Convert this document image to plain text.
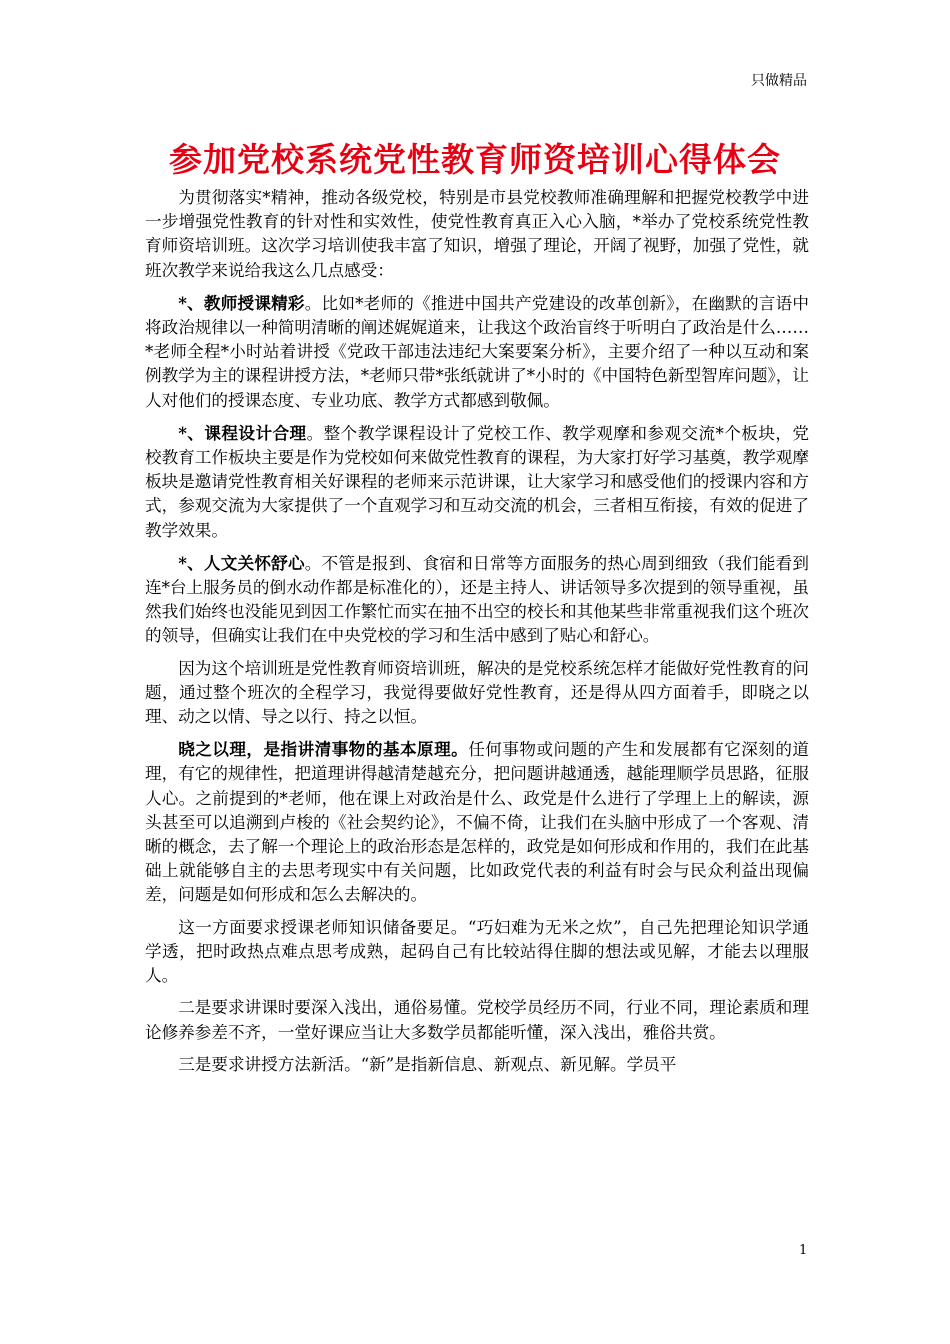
只做精品
参加党校系统党性教育师资培训心得体会

为贯彻落实*精神，推动各级党校，特别是市县党校教师准确理解和把握党校教学中进一步增强党性教育的针对性和实效性，使党性教育真正入心入脑，*举办了党校系统党性教育师资培训班。这次学习培训使我丰富了知识，增强了理论，开阔了视野，加强了党性，就班次教学来说给我这么几点感受：

*、教师授课精彩。比如*老师的《推进中国共产党建设的改革创新》，在幽默的言语中将政治规律以一种简明清晰的阐述娓娓道来，让我这个政治盲终于听明白了政治是什么……*老师全程*小时站着讲授《党政干部违法违纪大案要案分析》，主要介绍了一种以互动和案例教学为主的课程讲授方法，*老师只带*张纸就讲了*小时的《中国特色新型智库问题》，让人对他们的授课态度、专业功底、教学方式都感到敬佩。

*、课程设计合理。整个教学课程设计了党校工作、教学观摩和参观交流*个板块，党校教育工作板块主要是作为党校如何来做党性教育的课程，为大家打好学习基奠，教学观摩板块是邀请党性教育相关好课程的老师来示范讲课，让大家学习和感受他们的授课内容和方式，参观交流为大家提供了一个直观学习和互动交流的机会，三者相互衔接，有效的促进了教学效果。

*、人文关怀舒心。不管是报到、食宿和日常等方面服务的热心周到细致（我们能看到连*台上服务员的倒水动作都是标准化的），还是主持人、讲话领导多次提到的领导重视，虽然我们始终也没能见到因工作繁忙而实在抽不出空的校长和其他某些非常重视我们这个班次的领导，但确实让我们在中央党校的学习和生活中感到了贴心和舒心。

因为这个培训班是党性教育师资培训班，解决的是党校系统怎样才能做好党性教育的问题，通过整个班次的全程学习，我觉得要做好党性教育，还是得从四方面着手，即晓之以理、动之以情、导之以行、持之以恒。

晓之以理，是指讲清事物的基本原理。任何事物或问题的产生和发展都有它深刻的道理，有它的规律性，把道理讲得越清楚越充分，把问题讲越通透，越能理顺学员思路，征服人心。之前提到的*老师，他在课上对政治是什么、政党是什么进行了学理上上的解读，源头甚至可以追溯到卢梭的《社会契约论》，不偏不倚，让我们在头脑中形成了一个客观、清晰的概念，去了解一个理论上的政治形态是怎样的，政党是如何形成和作用的，我们在此基础上就能够自主的去思考现实中有关问题，比如政党代表的利益有时会与民众利益出现偏差，问题是如何形成和怎么去解决的。

这一方面要求授课老师知识储备要足。“巧妇难为无米之炊”，自己先把理论知识学通学透，把时政热点难点思考成熟，起码自己有比较站得住脚的想法或见解，才能去以理服人。

二是要求讲课时要深入浅出，通俗易懂。党校学员经历不同，行业不同，理论素质和理论修养参差不齐，一堂好课应当让大多数学员都能听懂，深入浅出，雅俗共赏。

三是要求讲授方法新活。“新”是指新信息、新观点、新见解。学员平

1
